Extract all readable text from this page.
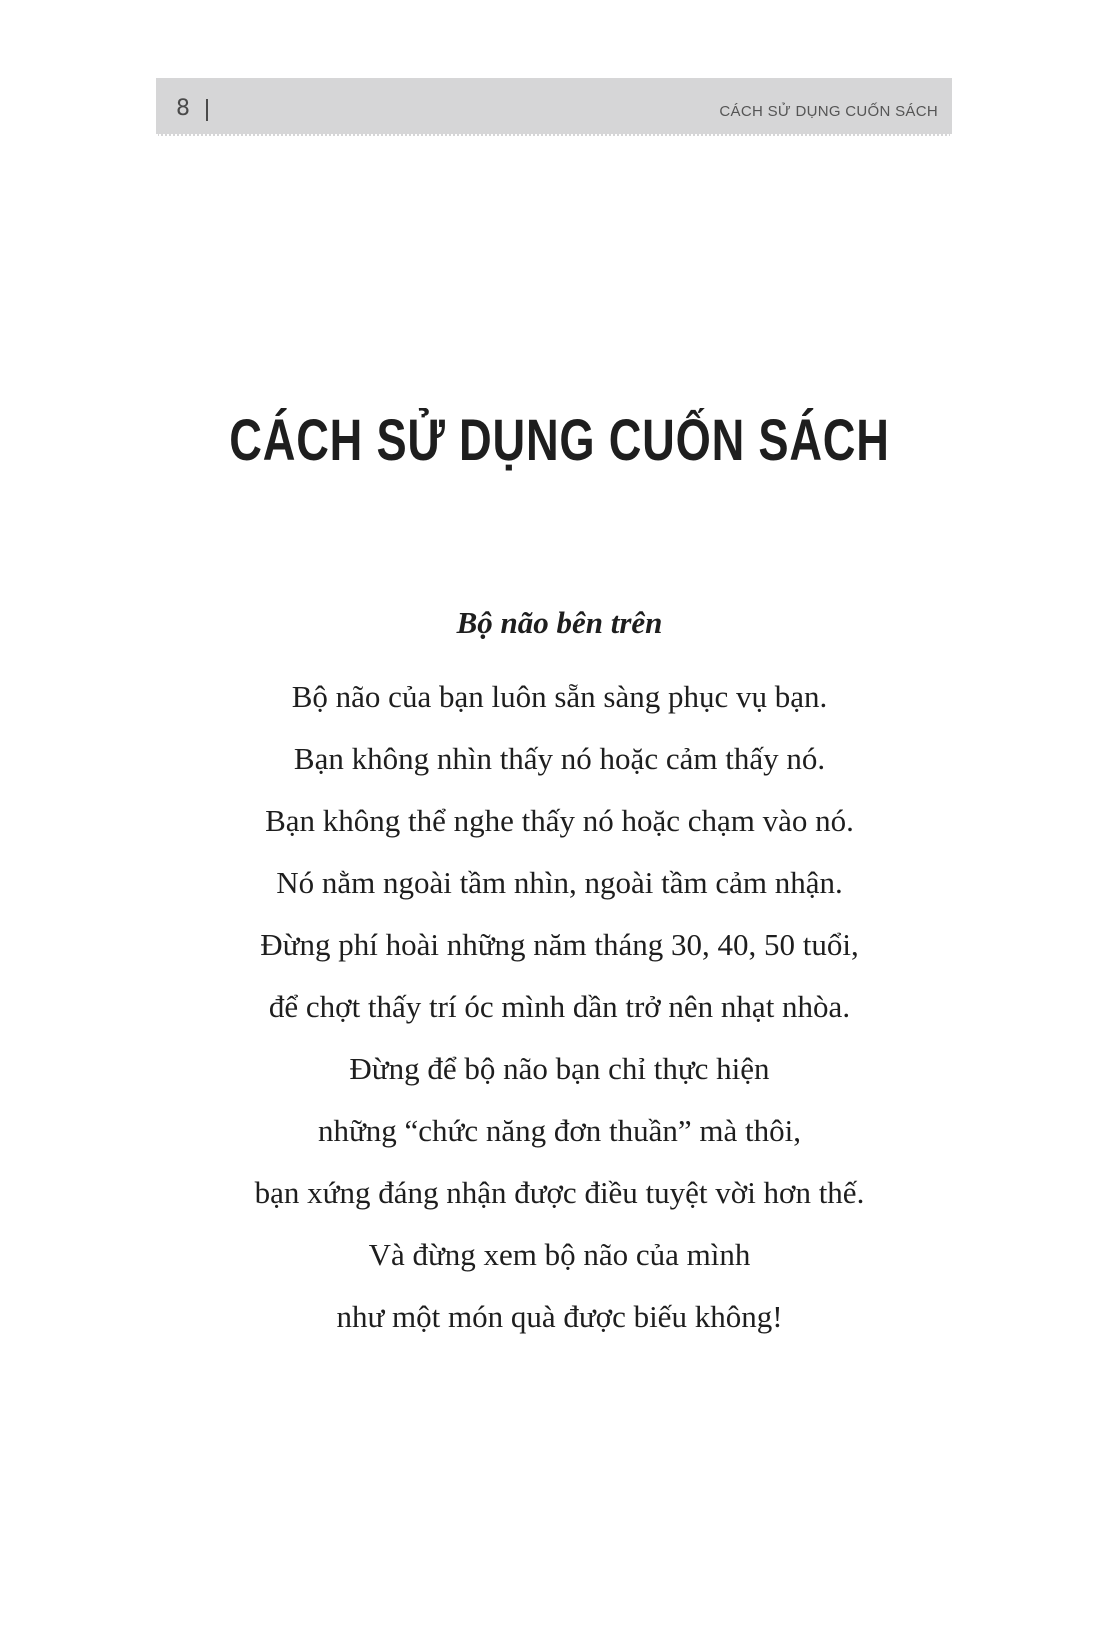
8	CÁCH SỬ DỤNG CUỐN SÁCH
CÁCH SỬ DỤNG CUỐN SÁCH
Bộ não bên trên
Bộ não của bạn luôn sẵn sàng phục vụ bạn.
Bạn không nhìn thấy nó hoặc cảm thấy nó.
Bạn không thể nghe thấy nó hoặc chạm vào nó.
Nó nằm ngoài tầm nhìn, ngoài tầm cảm nhận.
Đừng phí hoài những năm tháng 30, 40, 50 tuổi,
để chợt thấy trí óc mình dần trở nên nhạt nhòa.
Đừng để bộ não bạn chỉ thực hiện
những “chức năng đơn thuần” mà thôi,
bạn xứng đáng nhận được điều tuyệt vời hơn thế.
Và đừng xem bộ não của mình
như một món quà được biếu không!
